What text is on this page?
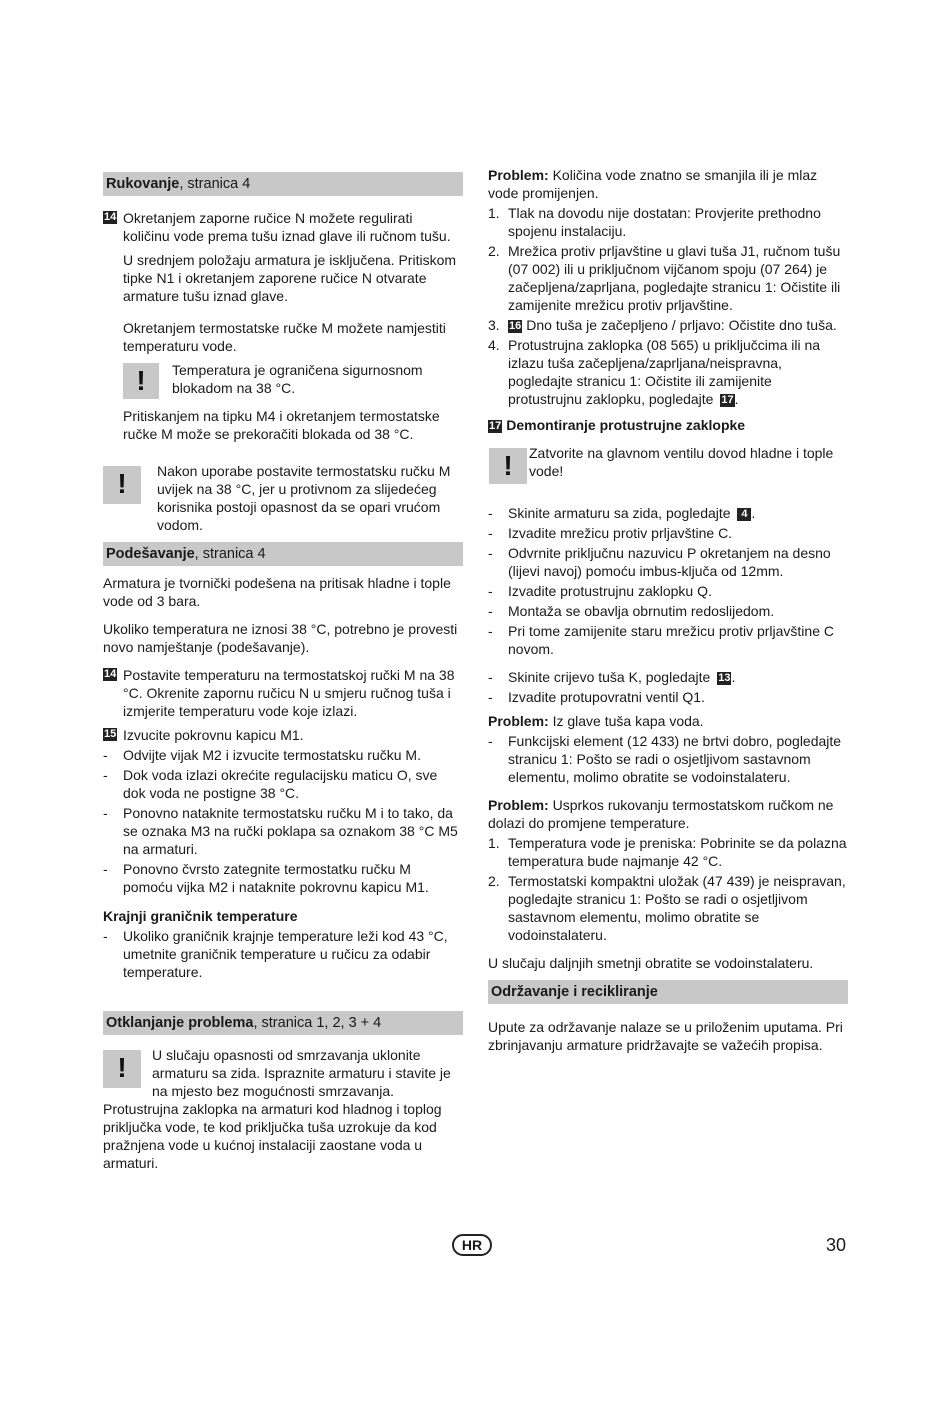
Rukovanje, stranica 4

14 Okretanjem zaporne ručice N možete regulirati količinu vode prema tušu iznad glave ili ručnom tušu.

U srednjem položaju armatura je isključena. Pritiskom tipke N1 i okretanjem zaporene ručice N otvarate armature tušu iznad glave.

Okretanjem termostatske ručke M možete namjestiti temperaturu vode.

!	Temperatura je ograničena sigurnosnom blokadom na 38 °C.

Pritiskanjem na tipku M4 i okretanjem termostatske ručke M može se prekoračiti blokada od 38 °C.

!	Nakon uporabe postavite termostatsku ručku M uvijek na 38 °C, jer u protivnom za slijedećeg korisnika postoji opasnost da se opari vrućom vodom.

Podešavanje, stranica 4

Armatura je tvornički podešena na pritisak hladne i tople vode od 3 bara.

Ukoliko temperatura ne iznosi 38 °C, potrebno je provesti novo namještanje (podešavanje).

14 Postavite temperaturu na termostatskoj ručki M na 38 °C. Okrenite zapornu ručicu N u smjeru ručnog tuša i izmjerite temperaturu vode koje izlazi.

15 Izvucite pokrovnu kapicu M1.

- Odvijte vijak M2 i izvucite termostatsku ručku M.

- Dok voda izlazi okrećite regulacijsku maticu O, sve dok voda ne postigne 38 °C.

- Ponovno nataknite termostatsku ručku M i to tako, da se oznaka M3 na ručki poklapa sa oznakom 38 °C M5 na armaturi.

- Ponovno čvrsto zategnite termostatku ručku M pomoću vijka M2 i nataknite pokrovnu kapicu M1.

Krajnji graničnik temperature

- Ukoliko graničnik krajnje temperature leži kod 43 °C, umetnite graničnik temperature u ručicu za odabir temperature.

Otklanjanje problema, stranica 1, 2, 3 + 4
!	U slučaju opasnosti od smrzavanja uklonite armaturu sa zida. Ispraznite armaturu i stavite je na mjesto bez mogućnosti smrzavanja.

Protustrujna zaklopka na armaturi kod hladnog i toplog priključka vode, te kod priključka tuša uzrokuje da kod pražnjena vode u kućnoj instalaciji zaostane voda u armaturi.

Problem: Količina vode znatno se smanjila ili je mlaz vode promijenjen.

1. Tlak na dovodu nije dostatan: Provjerite prethodno spojenu instalaciju.
2. Mrežica protiv prljavštine u glavi tuša J1, ručnom tušu (07 002) ili u priključnom vijčanom spoju (07 264) je začepljena/zaprljana, pogledajte stranicu 1: Očistite ili zamijenite mrežicu protiv prljavštine.
3. 16 Dno tuša je začepljeno / prljavo: Očistite dno tuša.
4. Protustrujna zaklopka (08 565) u priključcima ili na izlazu tuša začepljena/zaprljana/neispravna, pogledajte stranicu 1: Očistite ili zamijenite protustrujnu zaklopku, pogledajte 17.

17 Demontiranje protustrujne zaklopke

!	Zatvorite na glavnom ventilu dovod hladne i tople vode!

- Skinite armaturu sa zida, pogledajte 4 .

- Izvadite mrežicu protiv prljavštine C.

- Odvrnite priključnu nazuvicu P okretanjem na desno (lijevi navoj) pomoću imbus-ključa od 12mm.

- Izvadite protustrujnu zaklopku Q.

- Montaža se obavlja obrnutim redoslijedom.

- Pri tome zamijenite staru mrežicu protiv prljavštine C novom.

- Skinite crijevo tuša K, pogledajte 13.

- Izvadite protupovratni ventil Q1.

Problem: Iz glave tuša kapa voda.

- Funkcijski element (12 433) ne brtvi dobro, pogledajte stranicu 1: Pošto se radi o osjetljivom sastavnom elementu, molimo obratite se vodoinstalateru.

Problem: Usprkos rukovanju termostatskom ručkom ne dolazi do promjene temperature.

1. Temperatura vode je preniska: Pobrinite se da polazna temperatura bude najmanje 42 °C.
2. Termostatski kompaktni uložak (47 439) je neispravan, pogledajte stranicu 1: Pošto se radi o osjetljivom sastavnom elementu, molimo obratite se vodoinstalateru.

U slučaju daljnjih smetnji obratite se vodoinstalateru.

Održavanje i recikliranje

Upute za održavanje nalaze se u priloženim uputama. Pri zbrinjavanju armature pridržavajte se važećih propisa.

HR	30
